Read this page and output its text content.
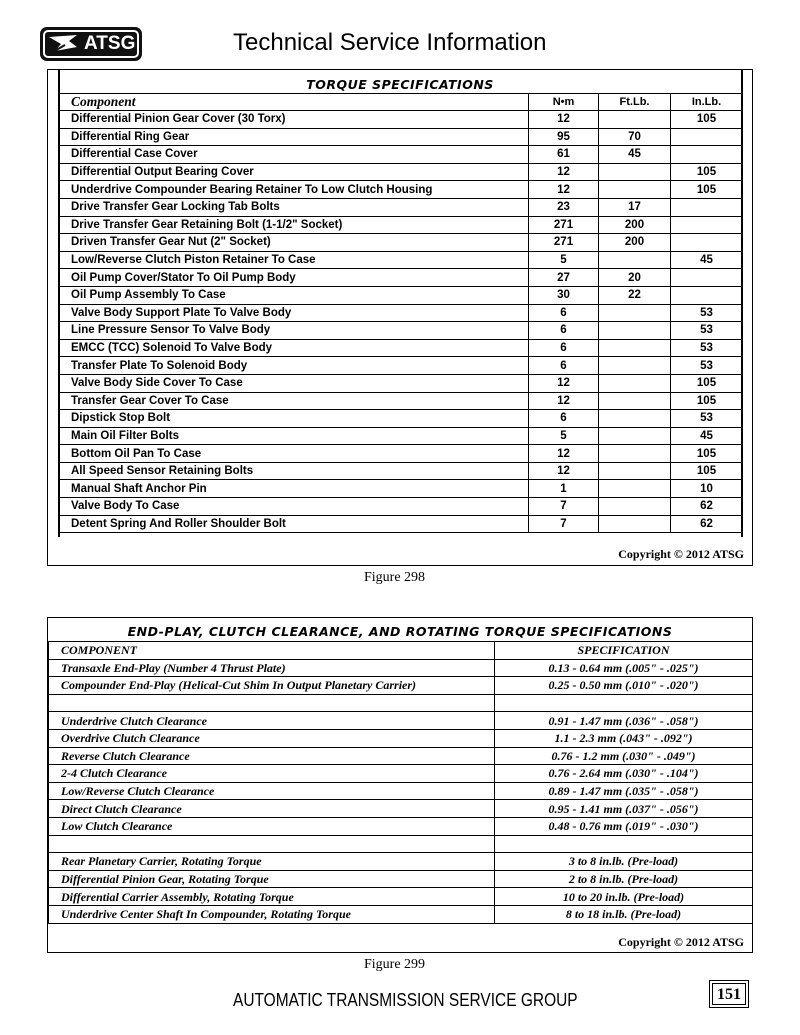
ATSG	Technical Service Information
TORQUE SPECIFICATIONS
Copyright © 2012 ATSG
Component	N•m	Ft.Lb.	In.Lb.
Differential Pinion Gear Cover (30 Torx)	12		105
Differential Ring Gear	95	70	
Differential Case Cover	61	45	
Differential Output Bearing Cover	12		105
Underdrive Compounder Bearing Retainer To Low Clutch Housing	12		105
Drive Transfer Gear Locking Tab Bolts	23	17	
Drive Transfer Gear Retaining Bolt (1-1/2" Socket)	271	200	
Driven Transfer Gear Nut (2" Socket)	271	200	
Low/Reverse Clutch Piston Retainer To Case	5		45
Oil Pump Cover/Stator To Oil Pump Body	27	20	
Oil Pump Assembly To Case	30	22	
Valve Body Support Plate To Valve Body	6		53
Line Pressure Sensor To Valve Body	6		53
EMCC (TCC) Solenoid To Valve Body	6		53
Transfer Plate To Solenoid Body	6		53
Valve Body Side Cover To Case	12		105
Transfer Gear Cover To Case	12		105
Dipstick Stop Bolt	6		53
Main Oil Filter Bolts	5		45
Bottom Oil Pan To Case	12		105
All Speed Sensor Retaining Bolts	12		105
Manual Shaft Anchor Pin	1		10
Valve Body To Case	7		62
Detent Spring And Roller Shoulder Bolt	7		62
Figure 298
END-PLAY, CLUTCH CLEARANCE, AND ROTATING TORQUE SPECIFICATIONS
Copyright © 2012 ATSG
COMPONENT	SPECIFICATION
Transaxle End-Play (Number 4 Thrust Plate)	0.13 - 0.64 mm (.005" - .025")
Compounder End-Play (Helical-Cut Shim In Output Planetary Carrier)	0.25 - 0.50 mm (.010" - .020")

Underdrive Clutch Clearance	0.91 - 1.47 mm (.036" - .058")
Overdrive Clutch Clearance	1.1 - 2.3 mm (.043" - .092")
Reverse Clutch Clearance	0.76 - 1.2 mm (.030" - .049")
2-4 Clutch Clearance	0.76 - 2.64 mm (.030" - .104")
Low/Reverse Clutch Clearance	0.89 - 1.47 mm (.035" - .058")
Direct Clutch Clearance	0.95 - 1.41 mm (.037" - .056")
Low Clutch Clearance	0.48 - 0.76 mm (.019" - .030")

Rear Planetary Carrier, Rotating Torque	3 to 8 in.lb. (Pre-load)
Differential Pinion Gear, Rotating Torque	2 to 8 in.lb. (Pre-load)
Differential Carrier Assembly, Rotating Torque	10 to 20 in.lb. (Pre-load)
Underdrive Center Shaft In Compounder, Rotating Torque	8 to 18 in.lb. (Pre-load)
Figure 299
AUTOMATIC TRANSMISSION SERVICE GROUP	151
